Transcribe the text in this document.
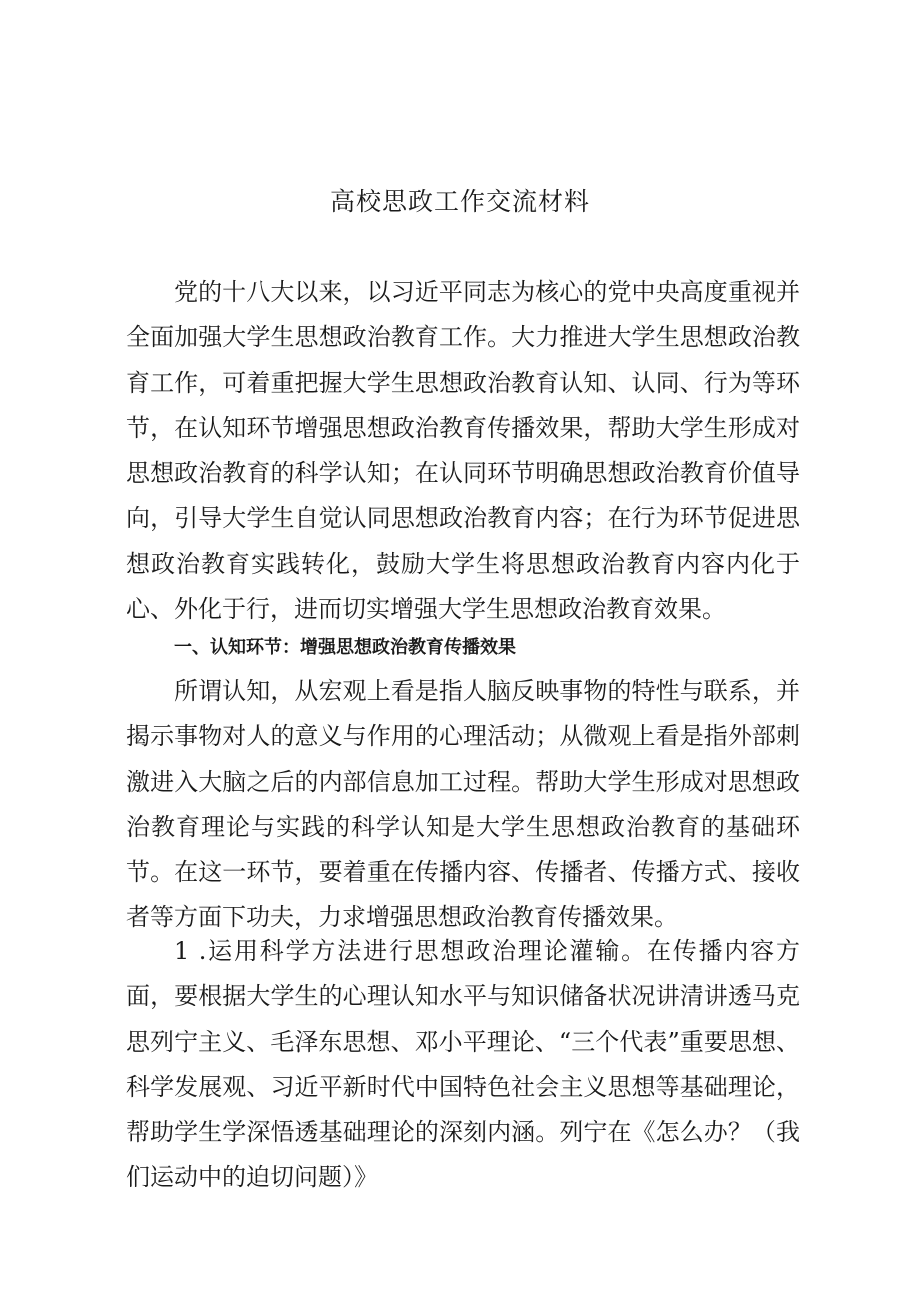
高校思政工作交流材料

党的十八大以来，以习近平同志为核心的党中央高度重视并全面加强大学生思想政治教育工作。大力推进大学生思想政治教育工作，可着重把握大学生思想政治教育认知、认同、行为等环节，在认知环节增强思想政治教育传播效果，帮助大学生形成对思想政治教育的科学认知；在认同环节明确思想政治教育价值导向，引导大学生自觉认同思想政治教育内容；在行为环节促进思想政治教育实践转化，鼓励大学生将思想政治教育内容内化于心、外化于行，进而切实增强大学生思想政治教育效果。

一、认知环节：增强思想政治教育传播效果

所谓认知，从宏观上看是指人脑反映事物的特性与联系，并揭示事物对人的意义与作用的心理活动；从微观上看是指外部刺激进入大脑之后的内部信息加工过程。帮助大学生形成对思想政治教育理论与实践的科学认知是大学生思想政治教育的基础环节。在这一环节，要着重在传播内容、传播者、传播方式、接收者等方面下功夫，力求增强思想政治教育传播效果。

1 .运用科学方法进行思想政治理论灌输。在传播内容方面，要根据大学生的心理认知水平与知识储备状况讲清讲透马克思列宁主义、毛泽东思想、邓小平理论、“三个代表”重要思想、科学发展观、习近平新时代中国特色社会主义思想等基础理论，帮助学生学深悟透基础理论的深刻内涵。列宁在《怎么办？（我们运动中的迫切问题）》
